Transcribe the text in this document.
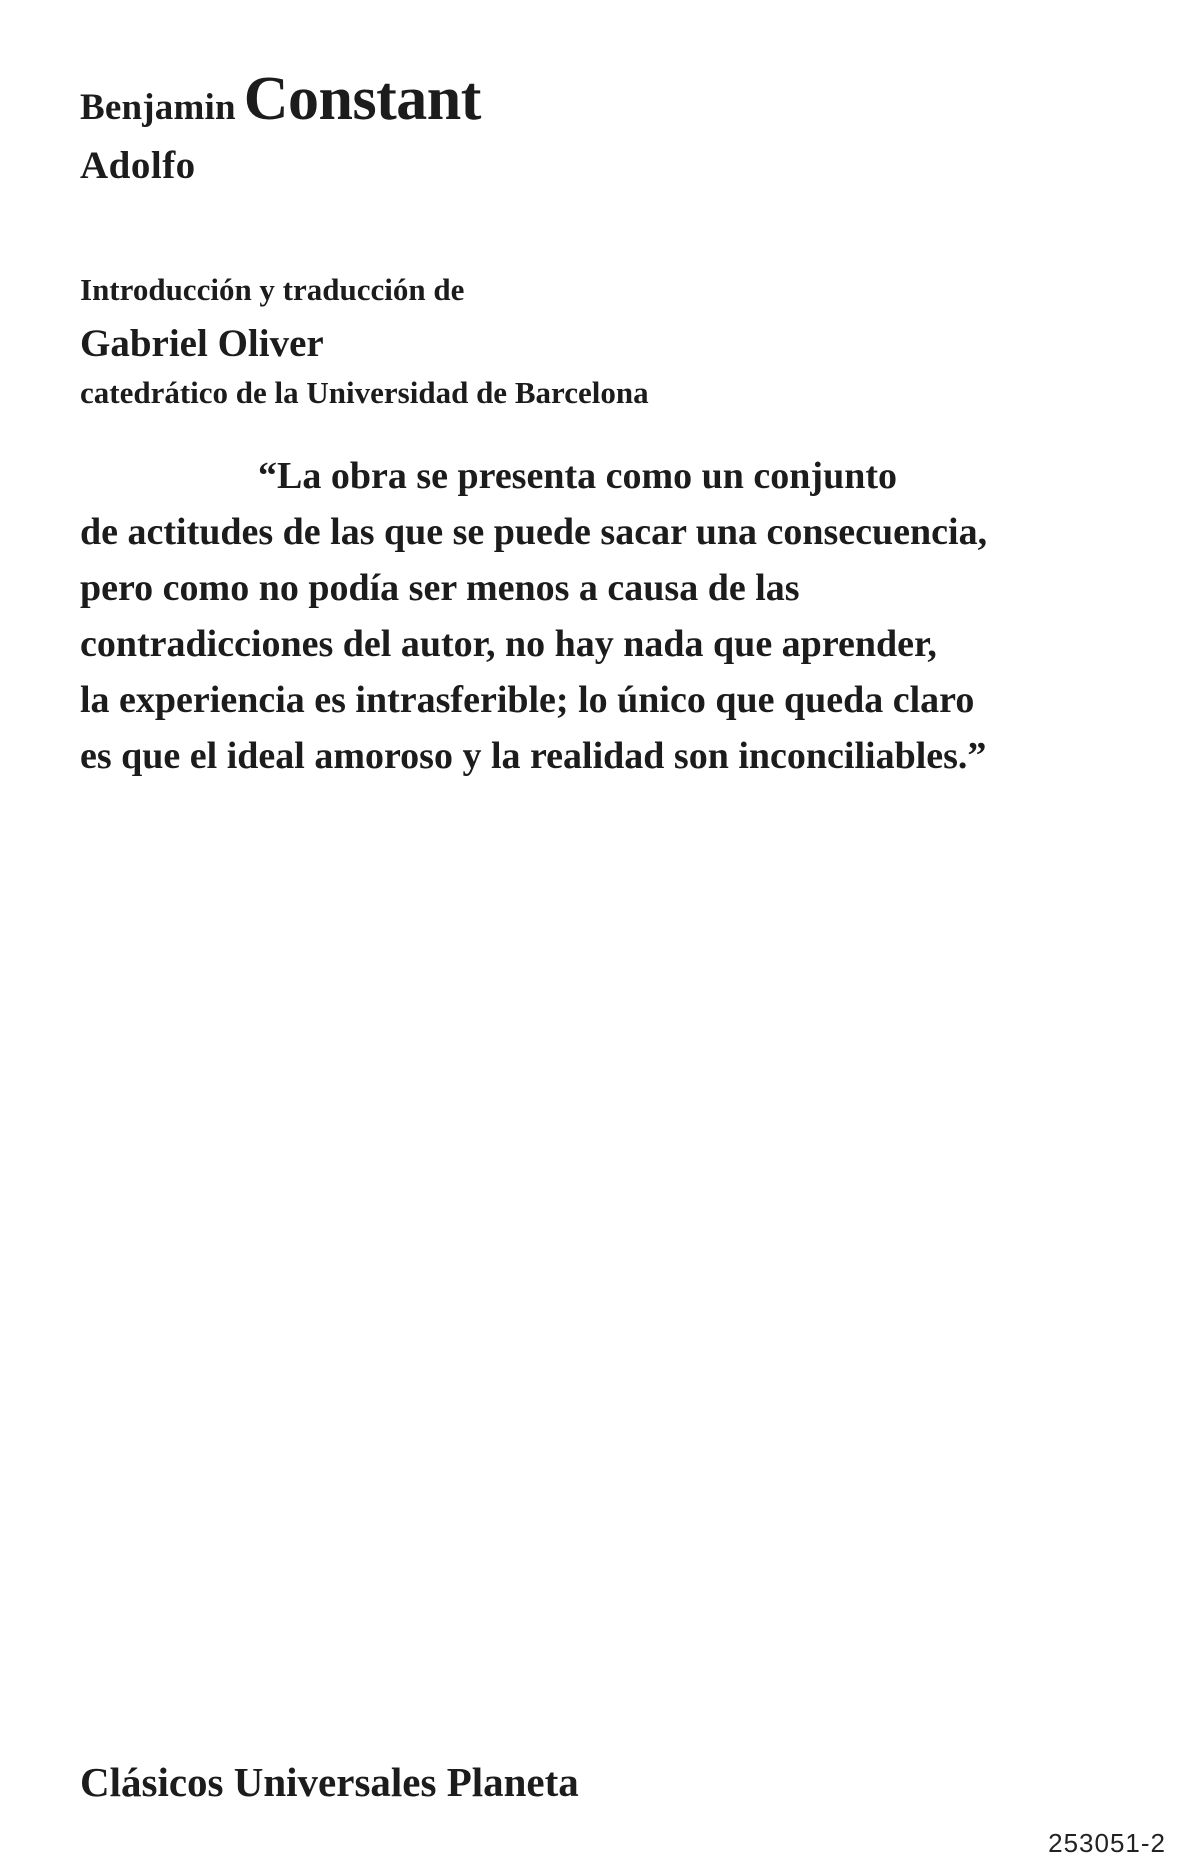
Benjamin Constant
Adolfo
Introducción y traducción de
Gabriel Oliver
catedrático de la Universidad de Barcelona
“La obra se presenta como un conjunto
de actitudes de las que se puede sacar una consecuencia,
pero como no podía ser menos a causa de las
contradicciones del autor, no hay nada que aprender,
la experiencia es intrasferible; lo único que queda claro
es que el ideal amoroso y la realidad son inconciliables.”
Clásicos Universales Planeta
253051-2
